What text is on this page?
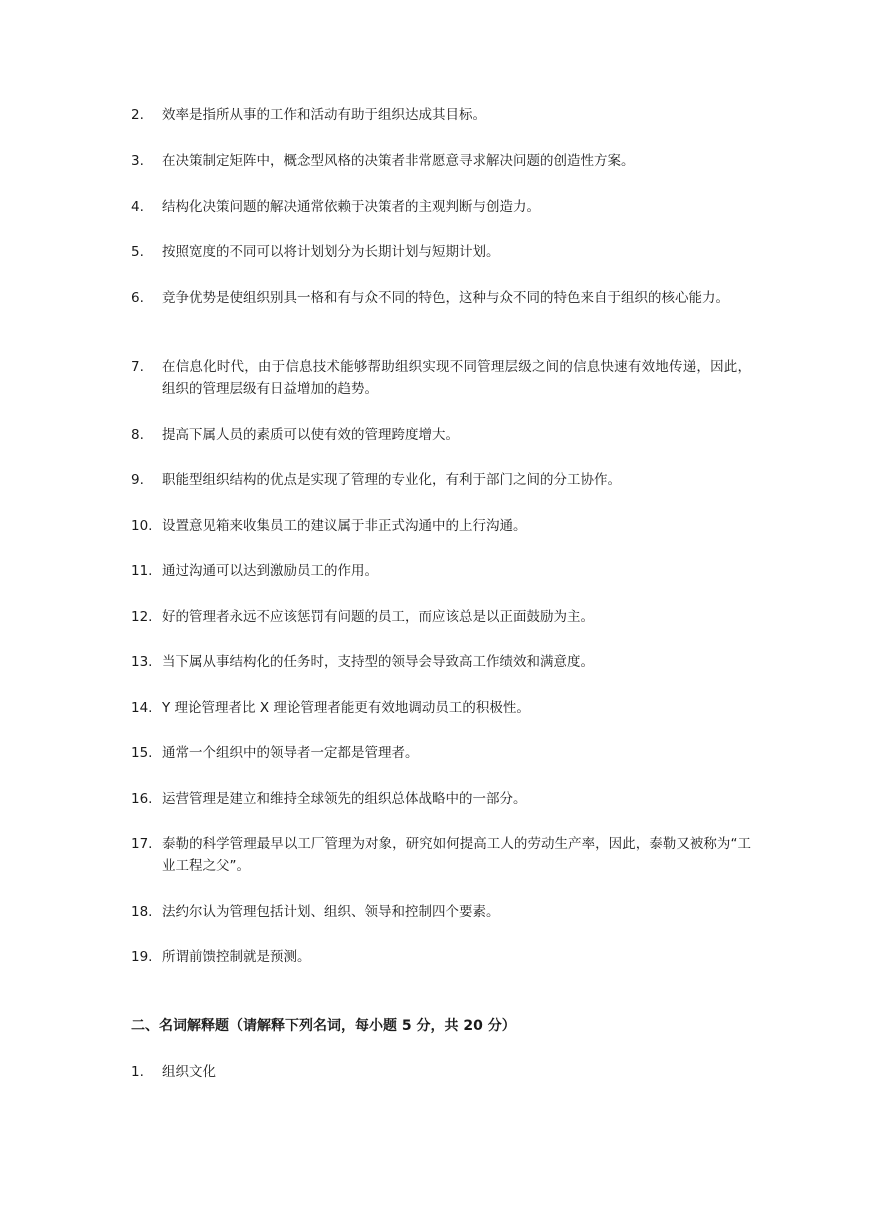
2.	效率是指所从事的工作和活动有助于组织达成其目标。
3.	在决策制定矩阵中，概念型风格的决策者非常愿意寻求解决问题的创造性方案。
4.	结构化决策问题的解决通常依赖于决策者的主观判断与创造力。
5.	按照宽度的不同可以将计划划分为长期计划与短期计划。
6.	竞争优势是使组织别具一格和有与众不同的特色，这种与众不同的特色来自于组织的核心能力。
7.	在信息化时代，由于信息技术能够帮助组织实现不同管理层级之间的信息快速有效地传递，因此，组织的管理层级有日益增加的趋势。
8.	提高下属人员的素质可以使有效的管理跨度增大。
9.	职能型组织结构的优点是实现了管理的专业化，有利于部门之间的分工协作。
10. 设置意见箱来收集员工的建议属于非正式沟通中的上行沟通。
11. 通过沟通可以达到激励员工的作用。
12. 好的管理者永远不应该惩罚有问题的员工，而应该总是以正面鼓励为主。
13. 当下属从事结构化的任务时，支持型的领导会导致高工作绩效和满意度。
14. Y 理论管理者比 X 理论管理者能更有效地调动员工的积极性。
15. 通常一个组织中的领导者一定都是管理者。
16. 运营管理是建立和维持全球领先的组织总体战略中的一部分。
17. 泰勒的科学管理最早以工厂管理为对象，研究如何提高工人的劳动生产率，因此，泰勒又被称为“工业工程之父”。
18. 法约尔认为管理包括计划、组织、领导和控制四个要素。
19. 所谓前馈控制就是预测。
二、名词解释题（请解释下列名词，每小题 5 分，共 20 分）
1.	组织文化
